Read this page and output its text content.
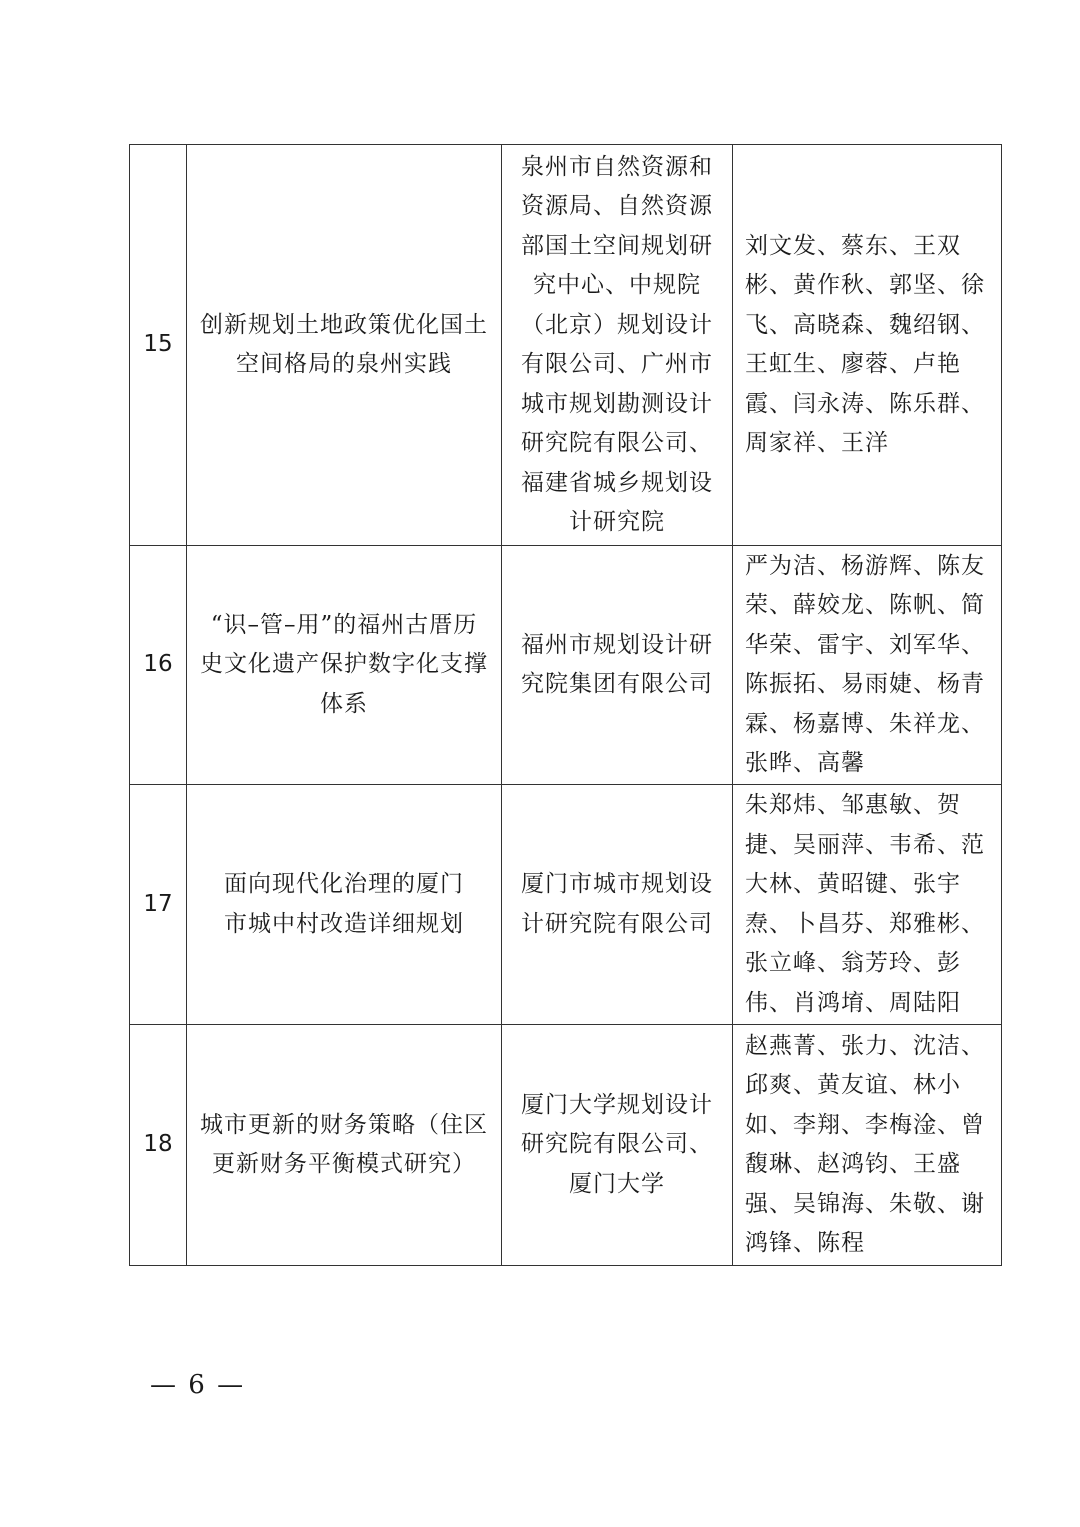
15	创新规划土地政策优化国土空间格局的泉州实践	泉州市自然资源和资源局、自然资源部国土空间规划研究中心、中规院（北京）规划设计有限公司、广州市城市规划勘测设计研究院有限公司、福建省城乡规划设计研究院	刘文发、蔡东、王双彬、黄作秋、郭坚、徐飞、高晓森、魏绍钢、王虹生、廖蓉、卢艳霞、闫永涛、陈乐群、周家祥、王洋

16	“识–管–用”的福州古厝历史文化遗产保护数字化支撑体系	福州市规划设计研究院集团有限公司	严为洁、杨游辉、陈友荣、薛姣龙、陈帆、简华荣、雷宇、刘军华、陈振拓、易雨婕、杨青霖、杨嘉博、朱祥龙、张晔、高馨

17	面向现代化治理的厦门市城中村改造详细规划	厦门市城市规划设计研究院有限公司	朱郑炜、邹惠敏、贺捷、吴丽萍、韦希、范大林、黄昭键、张宇焘、卜昌芬、郑雅彬、张立峰、翁芳玲、彭伟、肖鸿堉、周陆阳

18	城市更新的财务策略（住区更新财务平衡模式研究）	厦门大学规划设计研究院有限公司、厦门大学	赵燕菁、张力、沈洁、邱爽、黄友谊、林小如、李翔、李梅淦、曾馥琳、赵鸿钧、王盛强、吴锦海、朱敬、谢鸿锋、陈程
— 6 —
